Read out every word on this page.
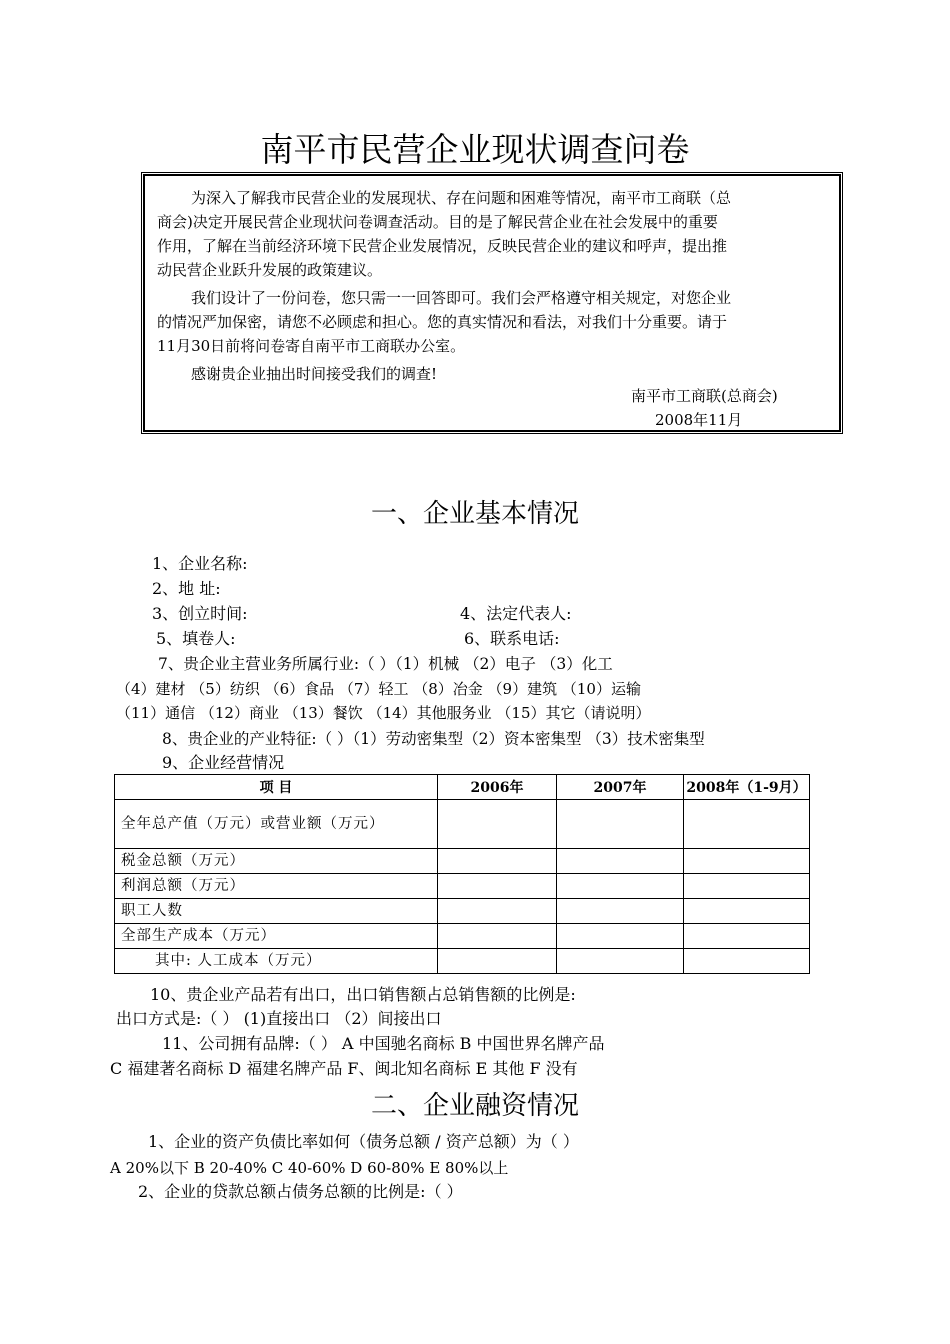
南平市民营企业现状调查问卷
为深入了解我市民营企业的发展现状、存在问题和困难等情况，南平市工商联（总
商会)决定开展民营企业现状问卷调查活动。目的是了解民营企业在社会发展中的重要
作用，了解在当前经济环境下民营企业发展情况，反映民营企业的建议和呼声，提出推
动民营企业跃升发展的政策建议。
我们设计了一份问卷，您只需一一回答即可。我们会严格遵守相关规定，对您企业
的情况严加保密，请您不必顾虑和担心。您的真实情况和看法，对我们十分重要。请于
11月30日前将问卷寄自南平市工商联办公室。
感谢贵企业抽出时间接受我们的调查!
南平市工商联(总商会)
2008年11月
一、企业基本情况
1、企业名称:
2、地 址:
3、创立时间:	4、法定代表人:
5、填卷人:	6、联系电话:
7、贵企业主营业务所属行业:（ ）（1）机械 （2）电子 （3）化工
（4）建材 （5）纺织 （6）食品 （7）轻工 （8）冶金 （9）建筑 （10）运输
（11）通信 （12）商业 （13）餐饮 （14）其他服务业 （15）其它（请说明）
8、贵企业的产业特征:（ ）（1）劳动密集型（2）资本密集型 （3）技术密集型
9、企业经营情况
项 目	2006年	2007年	2008年（1-9月）
全年总产值（万元）或营业额（万元）			
税金总额（万元）			
利润总额（万元）			
职工人数			
全部生产成本（万元）			
其中: 人工成本（万元）			
10、贵企业产品若有出口，出口销售额占总销售额的比例是:
出口方式是:（ ） (1)直接出口 （2）间接出口
11、公司拥有品牌:（ ） A 中国驰名商标 B 中国世界名牌产品
C 福建著名商标 D 福建名牌产品 F、闽北知名商标 E 其他 F 没有
二、企业融资情况
1、企业的资产负债比率如何（债务总额 / 资产总额）为（ ）
A 20%以下 B 20-40% C 40-60% D 60-80% E 80%以上
2、企业的贷款总额占债务总额的比例是:（ ）
